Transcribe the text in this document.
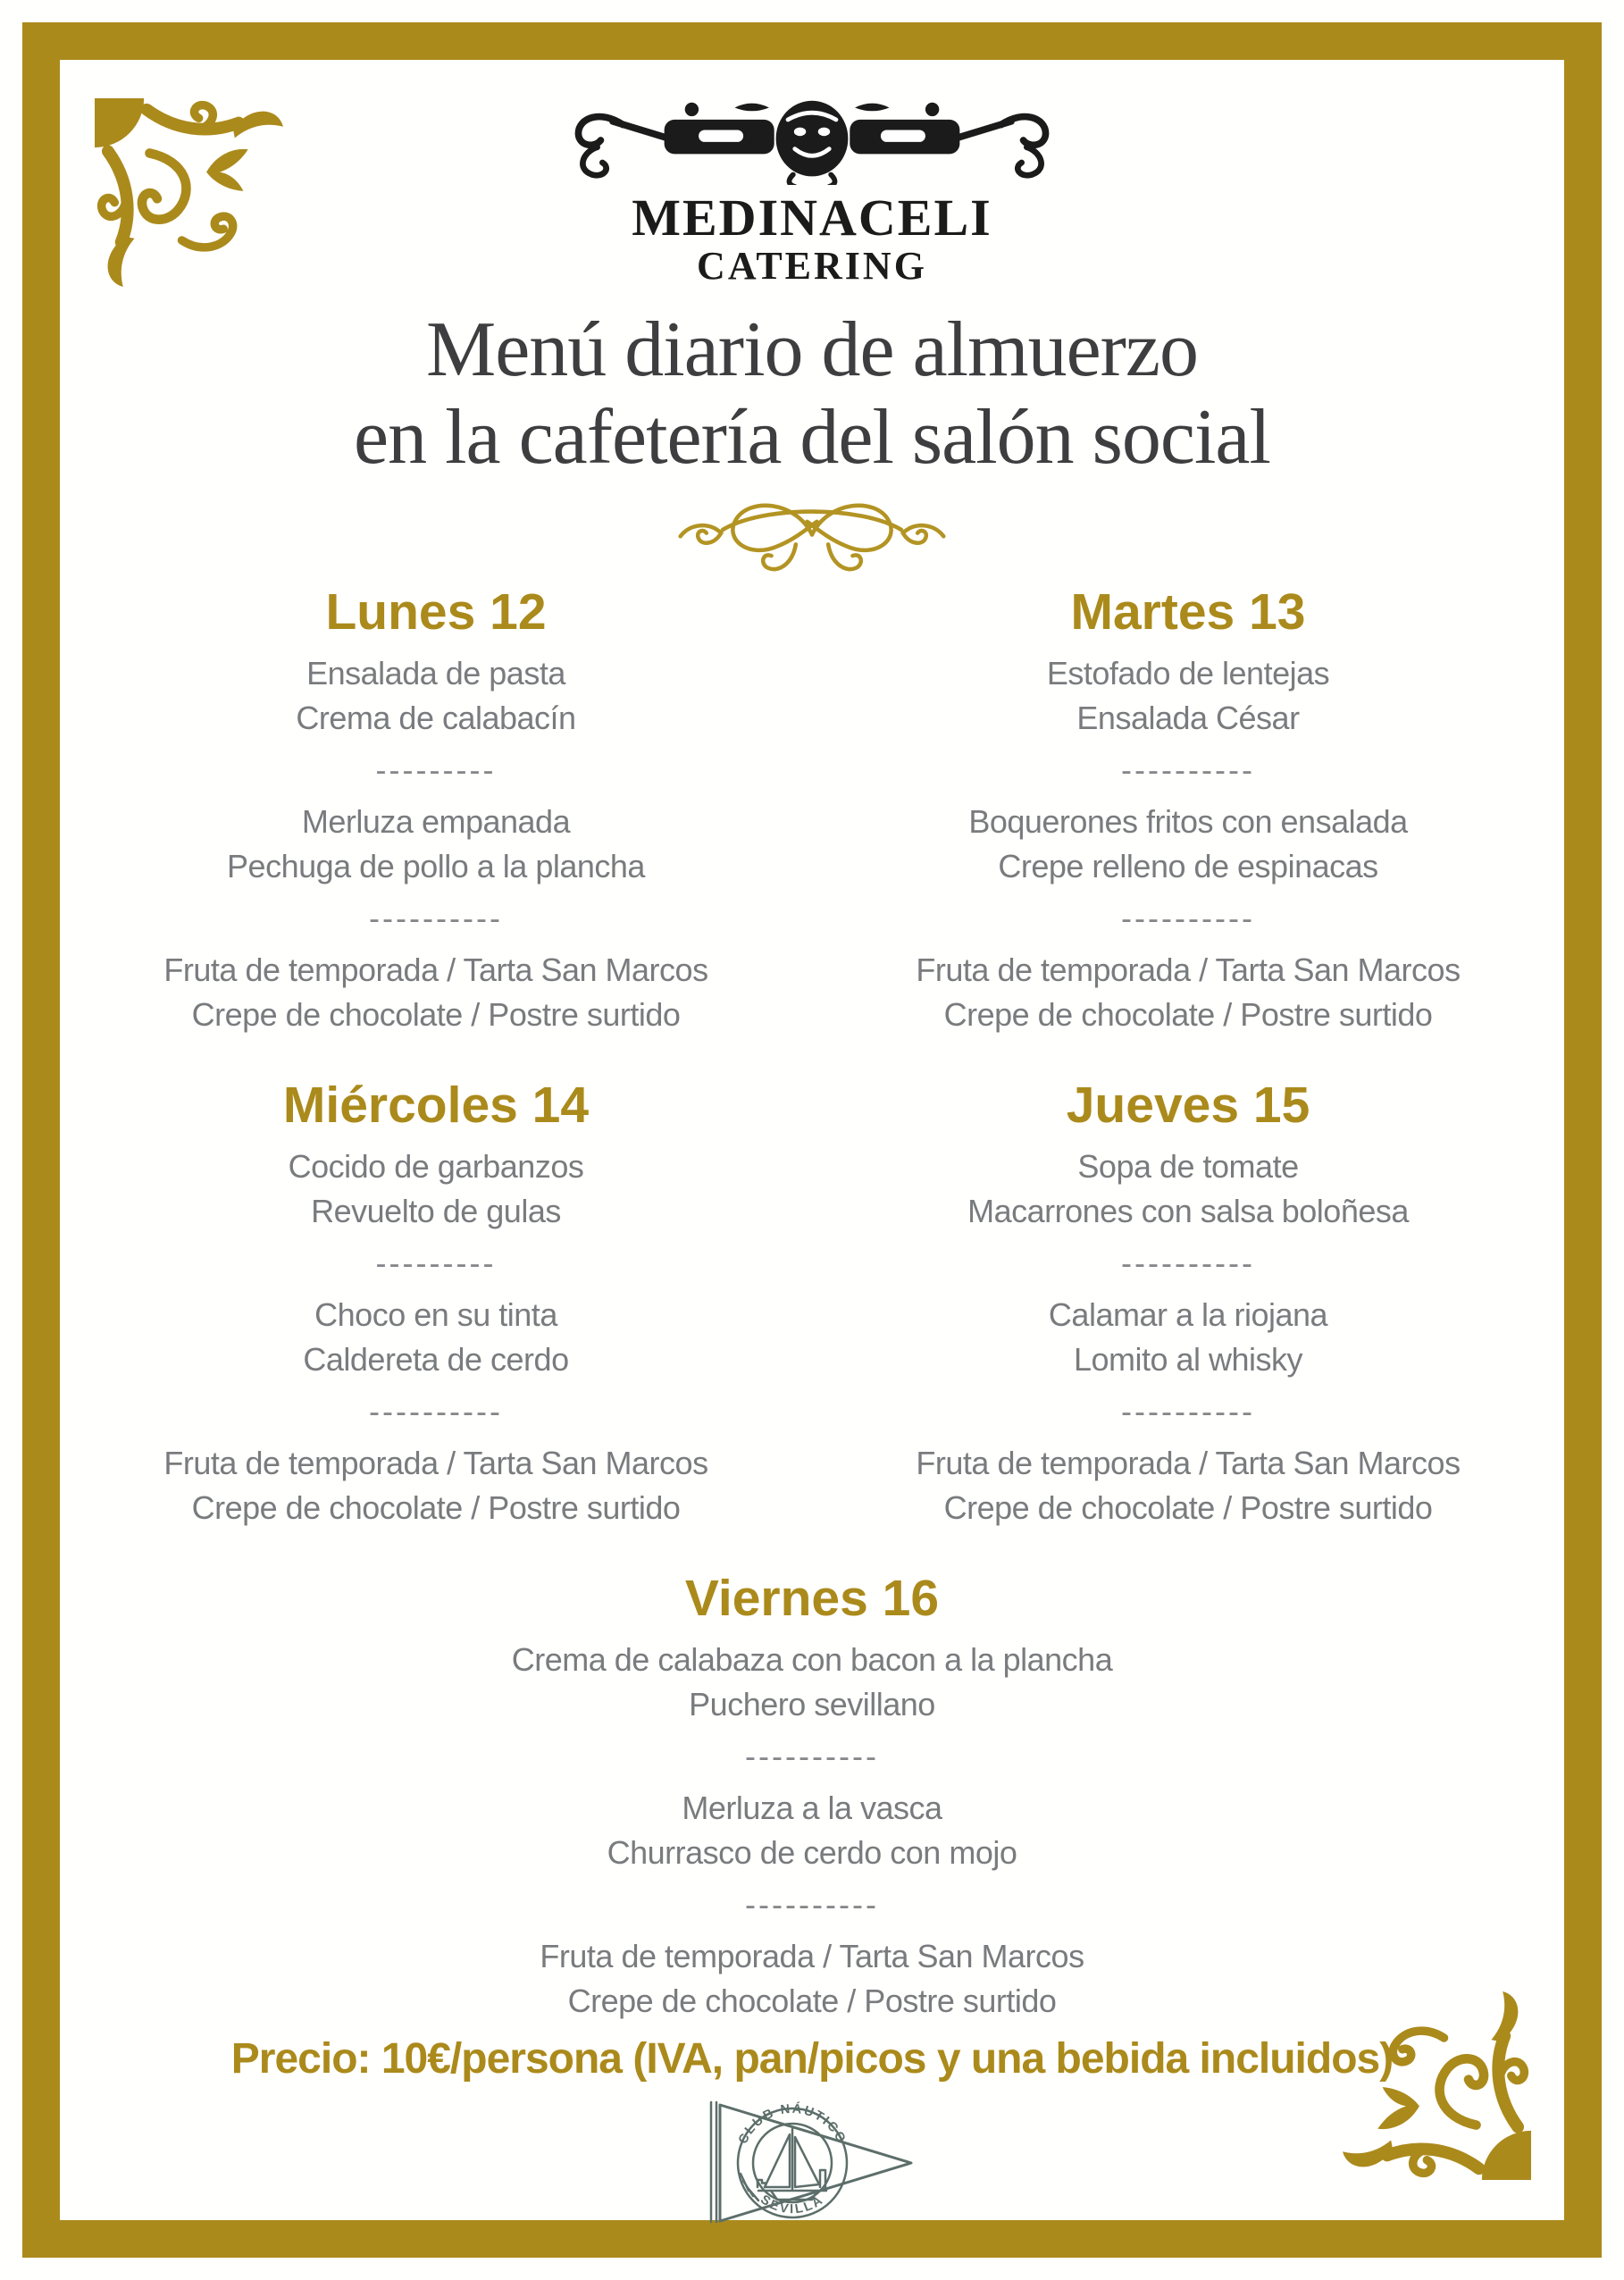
MEDINACELI
CATERING
Menú diario de almuerzo
en la cafetería del salón social
Lunes 12
Ensalada de pasta
Crema de calabacín
---------
Merluza empanada
Pechuga de pollo a la plancha
----------
Fruta de temporada / Tarta San Marcos
Crepe de chocolate / Postre surtido
Martes 13
Estofado de lentejas
Ensalada César
----------
Boquerones fritos con ensalada
Crepe relleno de espinacas
----------
Fruta de temporada / Tarta San Marcos
Crepe de chocolate / Postre surtido
Miércoles 14
Cocido de garbanzos
Revuelto de gulas
---------
Choco en su tinta
Caldereta de cerdo
----------
Fruta de temporada / Tarta San Marcos
Crepe de chocolate / Postre surtido
Jueves 15
Sopa de tomate
Macarrones con salsa boloñesa
----------
Calamar a la riojana
Lomito al whisky
----------
Fruta de temporada / Tarta San Marcos
Crepe de chocolate / Postre surtido
Viernes 16
Crema de calabaza con bacon a la plancha
Puchero sevillano
----------
Merluza a la vasca
Churrasco de cerdo con mojo
----------
Fruta de temporada / Tarta San Marcos
Crepe de chocolate / Postre surtido
Precio: 10€/persona (IVA, pan/picos y una bebida incluidos)
